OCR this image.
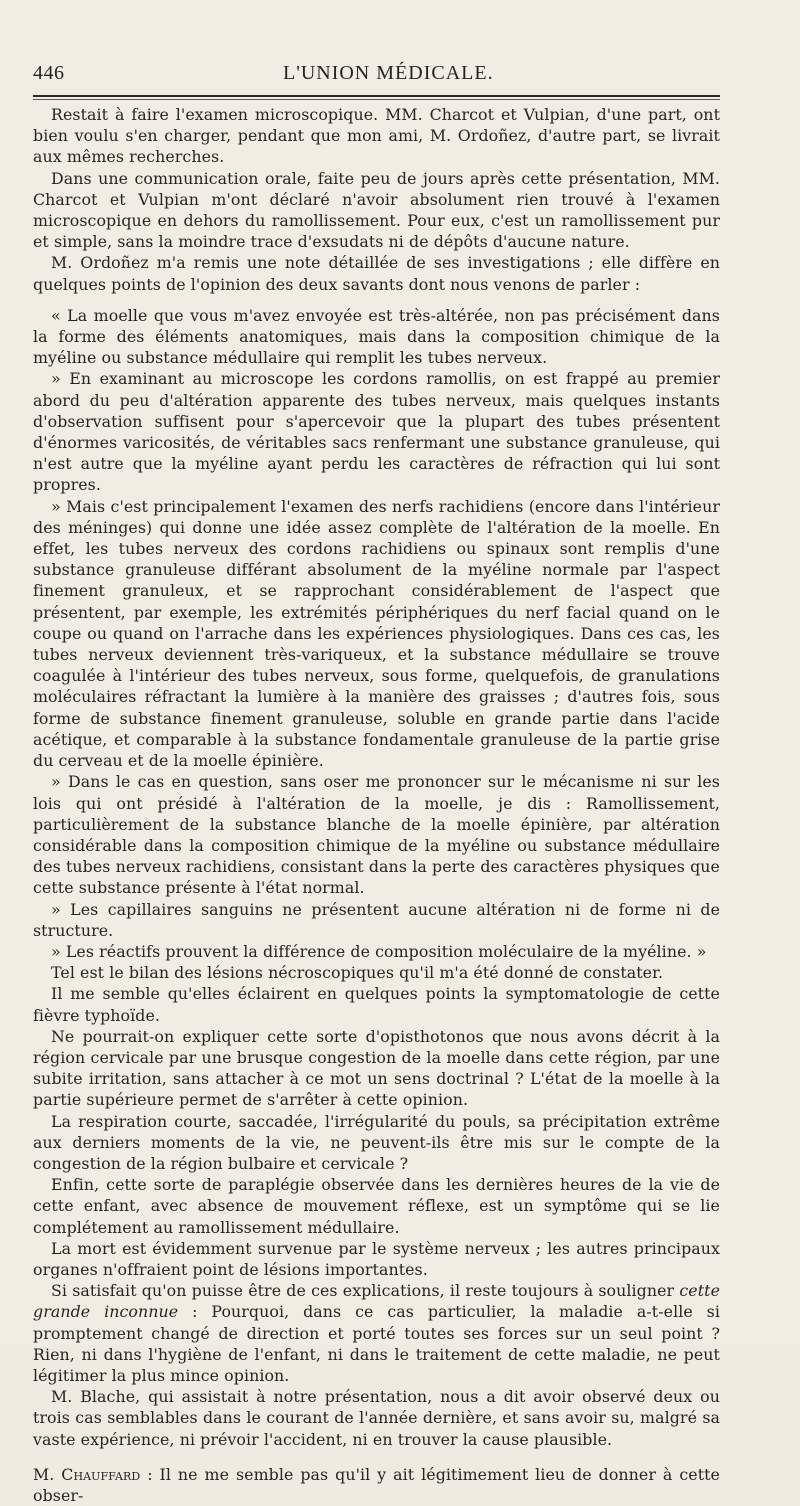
446	L'UNION MÉDICALE.

Restait à faire l'examen microscopique. MM. Charcot et Vulpian, d'une part, ont bien voulu s'en charger, pendant que mon ami, M. Ordoñez, d'autre part, se livrait aux mêmes recherches.

Dans une communication orale, faite peu de jours après cette présentation, MM. Charcot et Vulpian m'ont déclaré n'avoir absolument rien trouvé à l'examen microscopique en dehors du ramollissement. Pour eux, c'est un ramollissement pur et simple, sans la moindre trace d'exsudats ni de dépôts d'aucune nature.

M. Ordoñez m'a remis une note détaillée de ses investigations ; elle diffère en quelques points de l'opinion des deux savants dont nous venons de parler :

« La moelle que vous m'avez envoyée est très-altérée, non pas précisément dans la forme des éléments anatomiques, mais dans la composition chimique de la myéline ou substance médullaire qui remplit les tubes nerveux.

» En examinant au microscope les cordons ramollis, on est frappé au premier abord du peu d'altération apparente des tubes nerveux, mais quelques instants d'observation suffisent pour s'apercevoir que la plupart des tubes présentent d'énormes varicosités, de véritables sacs renfermant une substance granuleuse, qui n'est autre que la myéline ayant perdu les caractères de réfraction qui lui sont propres.

» Mais c'est principalement l'examen des nerfs rachidiens (encore dans l'intérieur des méninges) qui donne une idée assez complète de l'altération de la moelle. En effet, les tubes nerveux des cordons rachidiens ou spinaux sont remplis d'une substance granuleuse différant absolument de la myéline normale par l'aspect finement granuleux, et se rapprochant considérablement de l'aspect que présentent, par exemple, les extrémités périphériques du nerf facial quand on le coupe ou quand on l'arrache dans les expériences physiologiques. Dans ces cas, les tubes nerveux deviennent très-variqueux, et la substance médullaire se trouve coagulée à l'intérieur des tubes nerveux, sous forme, quelquefois, de granulations moléculaires réfractant la lumière à la manière des graisses ; d'autres fois, sous forme de substance finement granuleuse, soluble en grande partie dans l'acide acétique, et comparable à la substance fondamentale granuleuse de la partie grise du cerveau et de la moelle épinière.

» Dans le cas en question, sans oser me prononcer sur le mécanisme ni sur les lois qui ont présidé à l'altération de la moelle, je dis : Ramollissement, particulièrement de la substance blanche de la moelle épinière, par altération considérable dans la composition chimique de la myéline ou substance médullaire des tubes nerveux rachidiens, consistant dans la perte des caractères physiques que cette substance présente à l'état normal.

» Les capillaires sanguins ne présentent aucune altération ni de forme ni de structure.

» Les réactifs prouvent la différence de composition moléculaire de la myéline. »

Tel est le bilan des lésions nécroscopiques qu'il m'a été donné de constater.

Il me semble qu'elles éclairent en quelques points la symptomatologie de cette fièvre typhoïde.

Ne pourrait-on expliquer cette sorte d'opisthotonos que nous avons décrit à la région cervicale par une brusque congestion de la moelle dans cette région, par une subite irritation, sans attacher à ce mot un sens doctrinal ? L'état de la moelle à la partie supérieure permet de s'arrêter à cette opinion.

La respiration courte, saccadée, l'irrégularité du pouls, sa précipitation extrême aux derniers moments de la vie, ne peuvent-ils être mis sur le compte de la congestion de la région bulbaire et cervicale ?

Enfin, cette sorte de paraplégie observée dans les dernières heures de la vie de cette enfant, avec absence de mouvement réflexe, est un symptôme qui se lie complétement au ramollissement médullaire.

La mort est évidemment survenue par le système nerveux ; les autres principaux organes n'offraient point de lésions importantes.

Si satisfait qu'on puisse être de ces explications, il reste toujours à souligner cette grande inconnue : Pourquoi, dans ce cas particulier, la maladie a-t-elle si promptement changé de direction et porté toutes ses forces sur un seul point ? Rien, ni dans l'hygiène de l'enfant, ni dans le traitement de cette maladie, ne peut légitimer la plus mince opinion.

M. Blache, qui assistait à notre présentation, nous a dit avoir observé deux ou trois cas semblables dans le courant de l'année dernière, et sans avoir su, malgré sa vaste expérience, ni prévoir l'accident, ni en trouver la cause plausible.

M. Chauffard : Il ne me semble pas qu'il y ait légitimement lieu de donner à cette obser-
